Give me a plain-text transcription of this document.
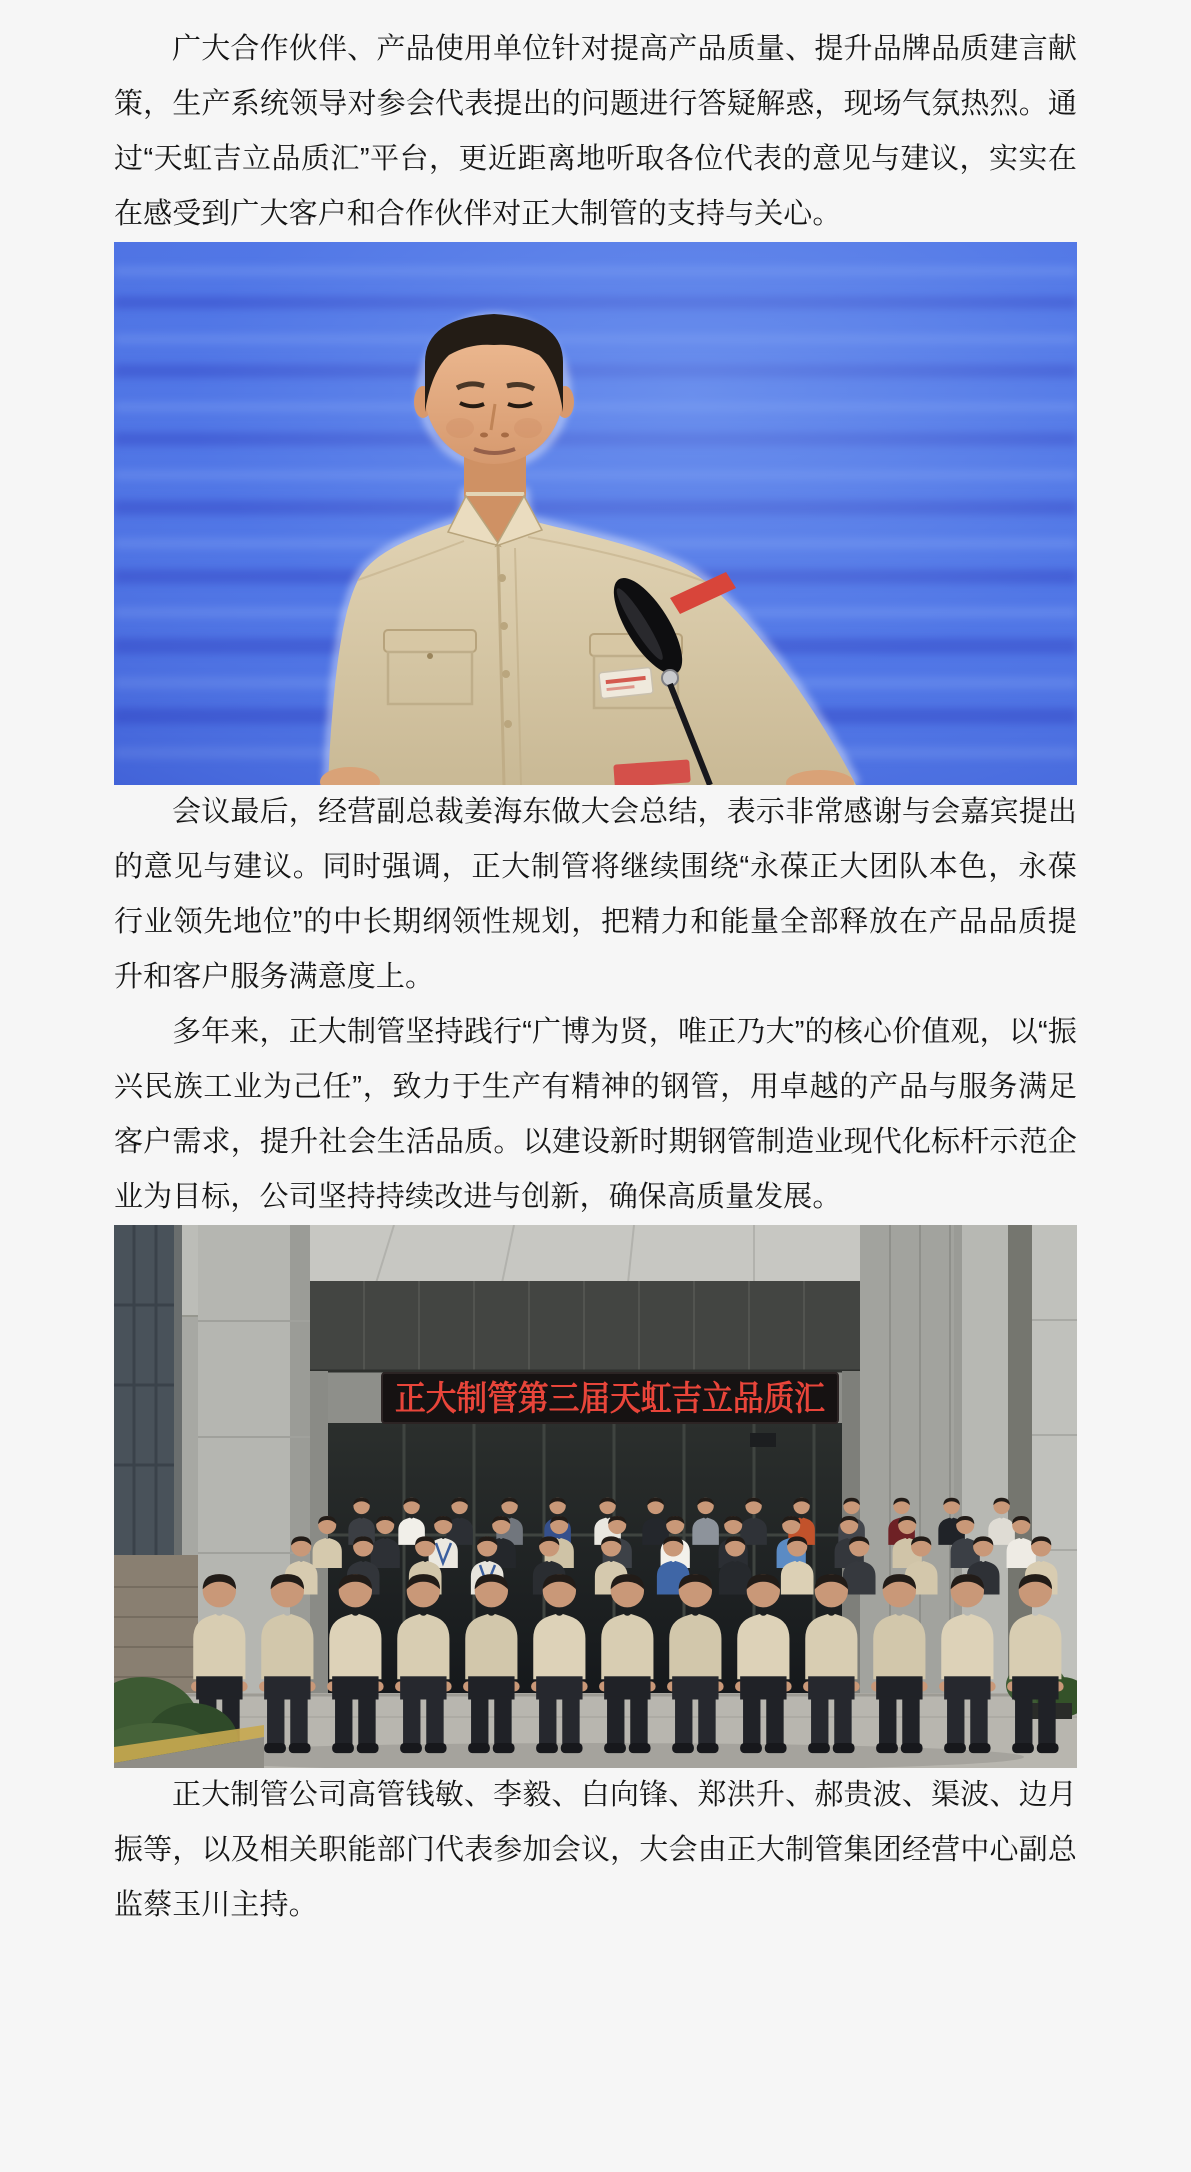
广大合作伙伴、产品使用单位针对提高产品质量、提升品牌品质建言献策，生产系统领导对参会代表提出的问题进行答疑解惑，现场气氛热烈。通过“天虹吉立品质汇”平台，更近距离地听取各位代表的意见与建议，实实在在感受到广大客户和合作伙伴对正大制管的支持与关心。

会议最后，经营副总裁姜海东做大会总结，表示非常感谢与会嘉宾提出的意见与建议。同时强调，正大制管将继续围绕“永葆正大团队本色，永葆行业领先地位”的中长期纲领性规划，把精力和能量全部释放在产品品质提升和客户服务满意度上。

多年来，正大制管坚持践行“广博为贤，唯正乃大”的核心价值观，以“振兴民族工业为己任”，致力于生产有精神的钢管，用卓越的产品与服务满足客户需求，提升社会生活品质。以建设新时期钢管制造业现代化标杆示范企业为目标，公司坚持持续改进与创新，确保高质量发展。

正大制管第三届天虹吉立品质汇

正大制管公司高管钱敏、李毅、白向锋、郑洪升、郝贵波、渠波、边月振等，以及相关职能部门代表参加会议，大会由正大制管集团经营中心副总监蔡玉川主持。
